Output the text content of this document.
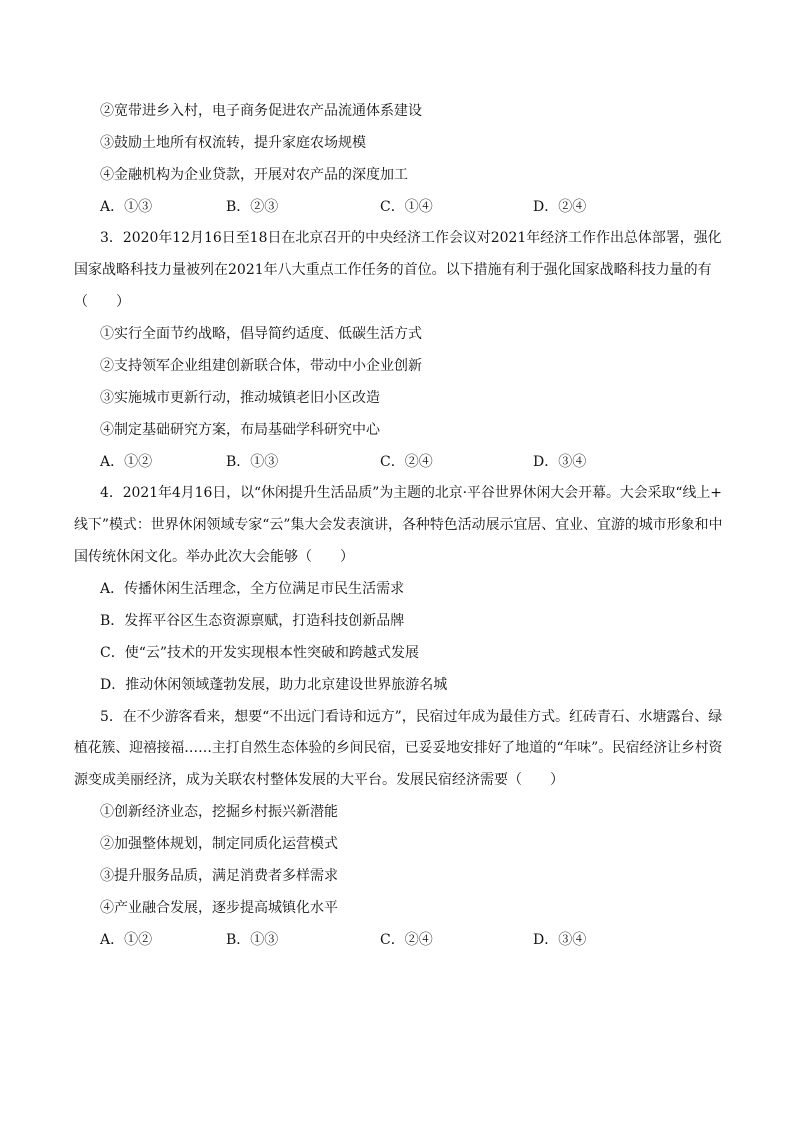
②宽带进乡入村，电子商务促进农产品流通体系建设
③鼓励土地所有权流转，提升家庭农场规模
④金融机构为企业贷款，开展对农产品的深度加工
A．①③	B．②③	C．①④	D．②④
3．2020年12月16日至18日在北京召开的中央经济工作会议对2021年经济工作作出总体部署，强化
国家战略科技力量被列在2021年八大重点工作任务的首位。以下措施有利于强化国家战略科技力量的有
（　　）
①实行全面节约战略，倡导简约适度、低碳生活方式
②支持领军企业组建创新联合体，带动中小企业创新
③实施城市更新行动，推动城镇老旧小区改造
④制定基础研究方案，布局基础学科研究中心
A．①②	B．①③	C．②④	D．③④
4．2021年4月16日，以“休闲提升生活品质”为主题的北京·平谷世界休闲大会开幕。大会采取“线上+
线下”模式：世界休闲领域专家“云”集大会发表演讲，各种特色活动展示宜居、宜业、宜游的城市形象和中
国传统休闲文化。举办此次大会能够（　　）
A．传播休闲生活理念，全方位满足市民生活需求
B．发挥平谷区生态资源禀赋，打造科技创新品牌
C．使“云”技术的开发实现根本性突破和跨越式发展
D．推动休闲领域蓬勃发展，助力北京建设世界旅游名城
5．在不少游客看来，想要“不出远门看诗和远方”，民宿过年成为最佳方式。红砖青石、水塘露台、绿
植花簇、迎禧接福……主打自然生态体验的乡间民宿，已妥妥地安排好了地道的“年味”。民宿经济让乡村资
源变成美丽经济，成为关联农村整体发展的大平台。发展民宿经济需要（　　）
①创新经济业态，挖掘乡村振兴新潜能
②加强整体规划，制定同质化运营模式
③提升服务品质，满足消费者多样需求
④产业融合发展，逐步提高城镇化水平
A．①②	B．①③	C．②④	D．③④
